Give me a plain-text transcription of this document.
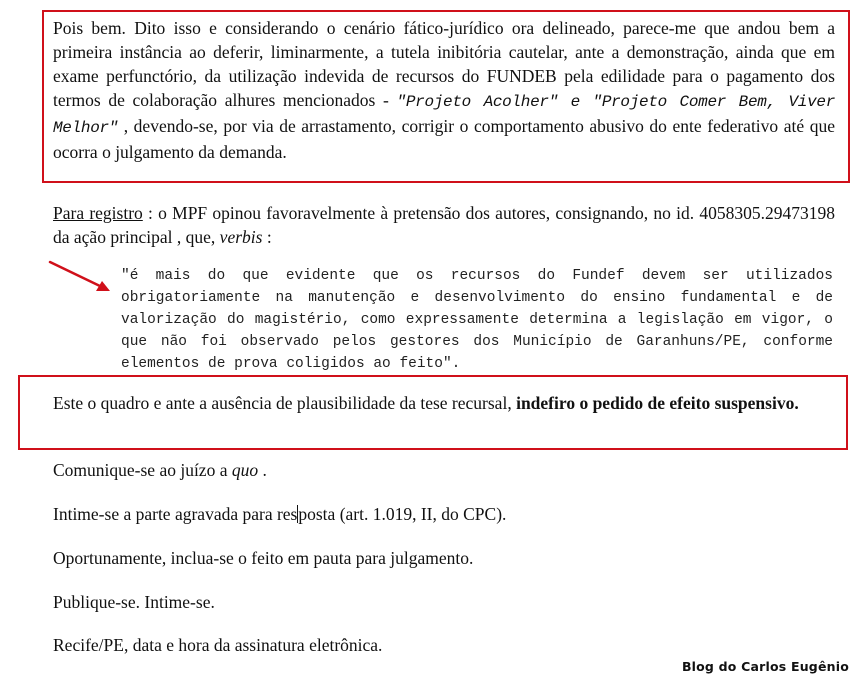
Pois bem. Dito isso e considerando o cenário fático-jurídico ora delineado, parece-me que andou bem a primeira instância ao deferir, liminarmente, a tutela inibitória cautelar, ante a demonstração, ainda que em exame perfunctório, da utilização indevida de recursos do FUNDEB pela edilidade para o pagamento dos termos de colaboração alhures mencionados - "Projeto Acolher" e "Projeto Comer Bem, Viver Melhor" , devendo-se, por via de arrastamento, corrigir o comportamento abusivo do ente federativo até que ocorra o julgamento da demanda.

Para registro : o MPF opinou favoravelmente à pretensão dos autores, consignando, no id. 4058305.29473198 da ação principal , que, verbis :

"é mais do que evidente que os recursos do Fundef devem ser utilizados obrigatoriamente na manutenção e desenvolvimento do ensino fundamental e de valorização do magistério, como expressamente determina a legislação em vigor, o que não foi observado pelos gestores dos Município de Garanhuns/PE, conforme elementos de prova coligidos ao feito".

Este o quadro e ante a ausência de plausibilidade da tese recursal, indefiro o pedido de efeito suspensivo.

Comunique-se ao juízo a quo .

Intime-se a parte agravada para resposta (art. 1.019, II, do CPC).

Oportunamente, inclua-se o feito em pauta para julgamento.

Publique-se. Intime-se.

Recife/PE, data e hora da assinatura eletrônica.

Blog do Carlos Eugênio
